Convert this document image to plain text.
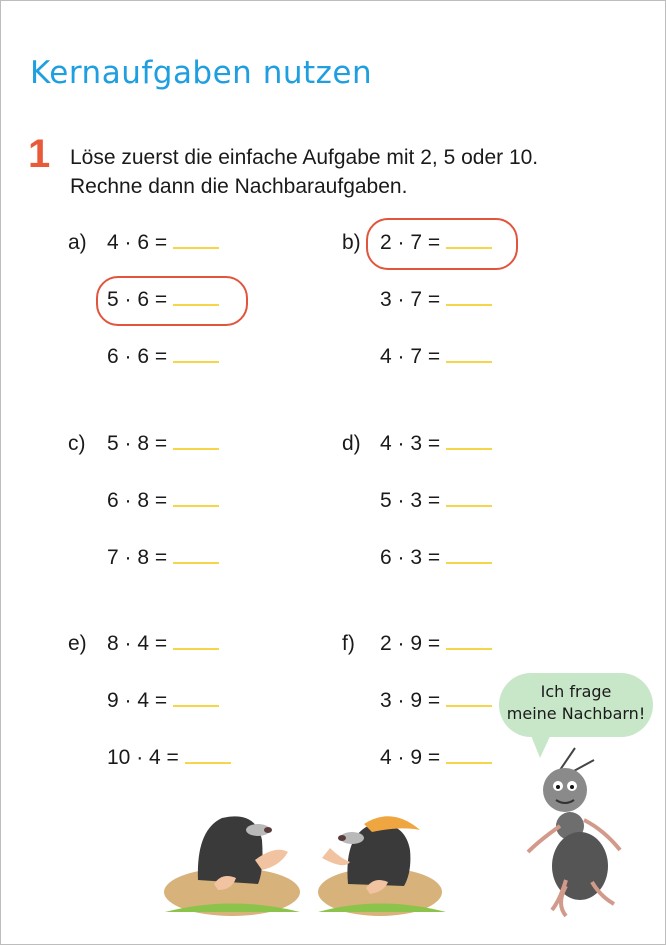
Kernaufgaben nutzen
1 Löse zuerst die einfache Aufgabe mit 2, 5 oder 10.
Rechne dann die Nachbaraufgaben.
a) 4 · 6 =
5 · 6 =
6 · 6 =
b) 2 · 7 =
3 · 7 =
4 · 7 =
c) 5 · 8 =
6 · 8 =
7 · 8 =
d) 4 · 3 =
5 · 3 =
6 · 3 =
e) 8 · 4 =
9 · 4 =
10 · 4 =
f) 2 · 9 =
3 · 9 =
4 · 9 =
Ich frage
meine Nachbarn!
